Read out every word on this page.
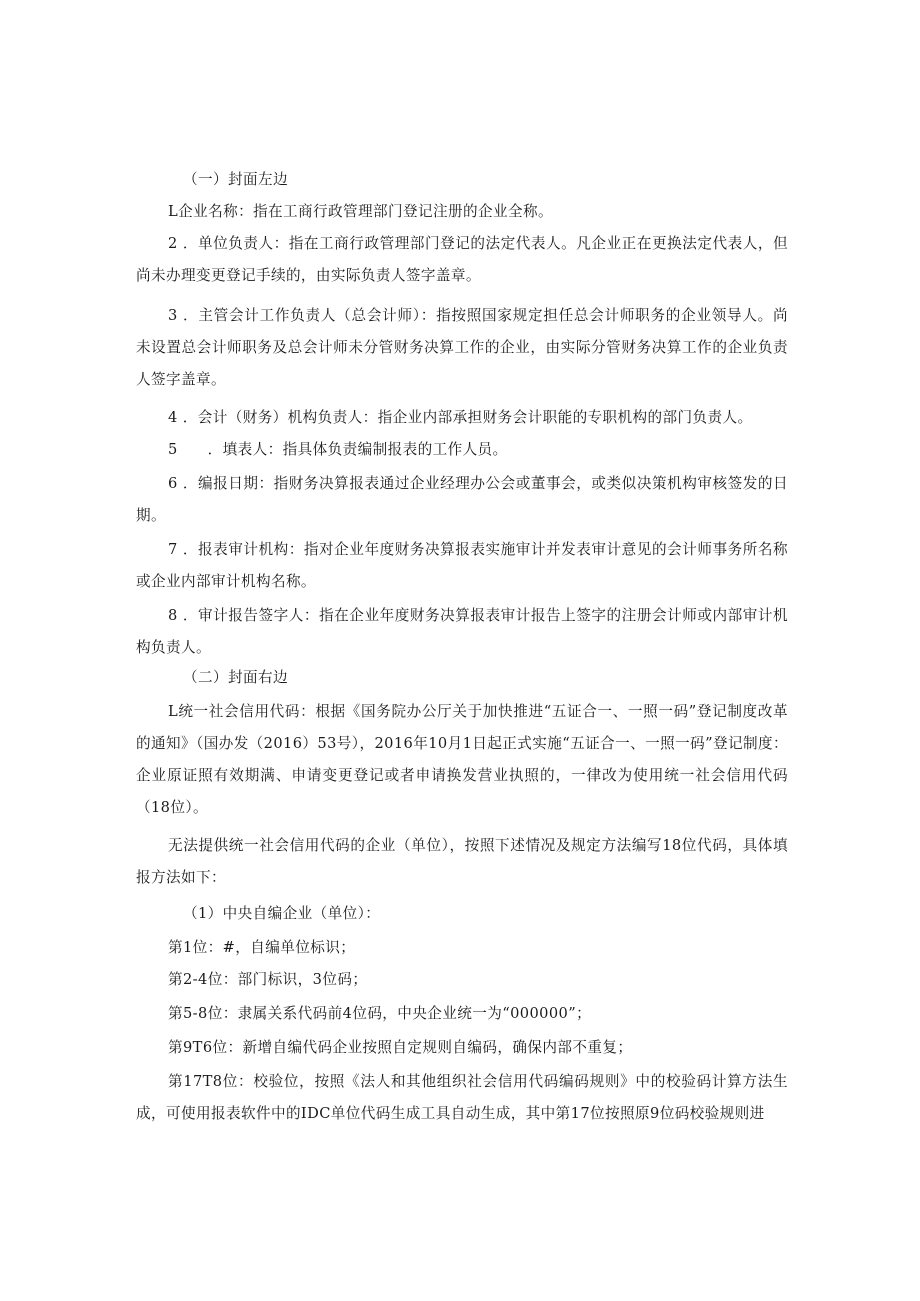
（一）封面左边

L企业名称：指在工商行政管理部门登记注册的企业全称。

2 ．单位负责人：指在工商行政管理部门登记的法定代表人。凡企业正在更换法定代表人，但尚未办理变更登记手续的，由实际负责人签字盖章。

3 ．主管会计工作负责人（总会计师）：指按照国家规定担任总会计师职务的企业领导人。尚未设置总会计师职务及总会计师未分管财务决算工作的企业，由实际分管财务决算工作的企业负责人签字盖章。

4 ．会计（财务）机构负责人：指企业内部承担财务会计职能的专职机构的部门负责人。

5　　．填表人：指具体负责编制报表的工作人员。

6 ．编报日期：指财务决算报表通过企业经理办公会或董事会，或类似决策机构审核签发的日期。

7 ．报表审计机构：指对企业年度财务决算报表实施审计并发表审计意见的会计师事务所名称或企业内部审计机构名称。

8 ．审计报告签字人：指在企业年度财务决算报表审计报告上签字的注册会计师或内部审计机构负责人。

（二）封面右边

L统一社会信用代码：根据《国务院办公厅关于加快推进“五证合一、一照一码”登记制度改革的通知》（国办发（2016）53号），2016年10月1日起正式实施“五证合一、一照一码”登记制度：企业原证照有效期满、申请变更登记或者申请换发营业执照的，一律改为使用统一社会信用代码（18位）。

无法提供统一社会信用代码的企业（单位），按照下述情况及规定方法编写18位代码，具体填报方法如下：

（1）中央自编企业（单位）：

第1位：#，自编单位标识；

第2-4位：部门标识，3位码；

第5-8位：隶属关系代码前4位码，中央企业统一为“000000”；

第9T6位：新增自编代码企业按照自定规则自编码，确保内部不重复；

第17T8位：校验位，按照《法人和其他组织社会信用代码编码规则》中的校验码计算方法生成，可使用报表软件中的IDC单位代码生成工具自动生成，其中第17位按照原9位码校验规则进
